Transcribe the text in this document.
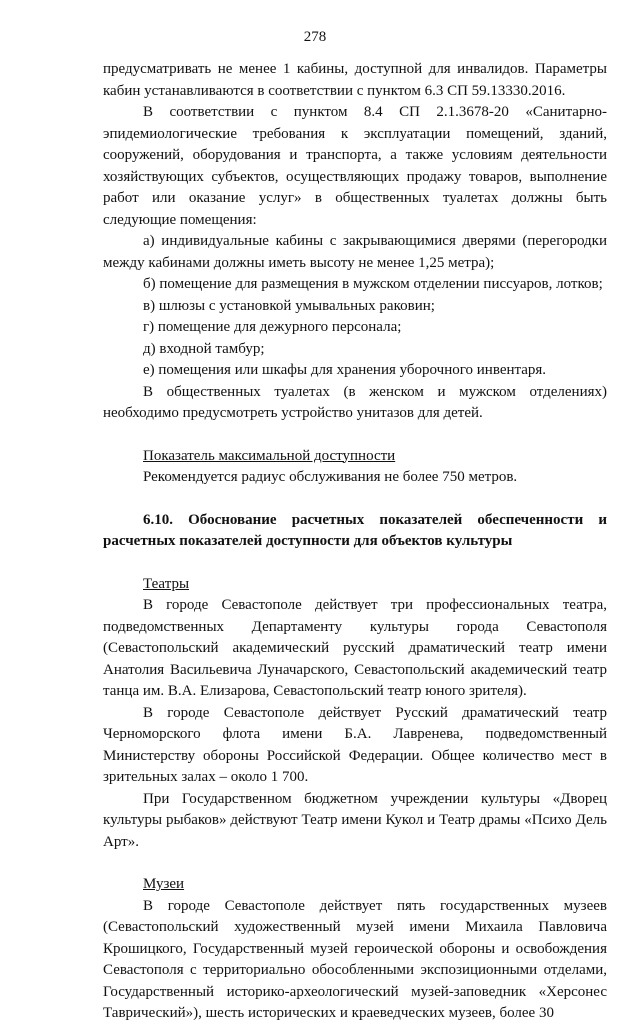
278

предусматривать не менее 1 кабины, доступной для инвалидов. Параметры кабин устанавливаются в соответствии с пунктом 6.3 СП 59.13330.2016.

В соответствии с пунктом 8.4 СП 2.1.3678-20 «Санитарно-эпидемиологические требования к эксплуатации помещений, зданий, сооружений, оборудования и транспорта, а также условиям деятельности хозяйствующих субъектов, осуществляющих продажу товаров, выполнение работ или оказание услуг» в общественных туалетах должны быть следующие помещения:

а) индивидуальные кабины с закрывающимися дверями (перегородки между кабинами должны иметь высоту не менее 1,25 метра);

б) помещение для размещения в мужском отделении писсуаров, лотков;

в) шлюзы с установкой умывальных раковин;

г) помещение для дежурного персонала;

д) входной тамбур;

е) помещения или шкафы для хранения уборочного инвентаря.

В общественных туалетах (в женском и мужском отделениях) необходимо предусмотреть устройство унитазов для детей.

Показатель максимальной доступности

Рекомендуется радиус обслуживания не более 750 метров.

6.10. Обоснование расчетных показателей обеспеченности и расчетных показателей доступности для объектов культуры

Театры

В городе Севастополе действует три профессиональных театра, подведомственных Департаменту культуры города Севастополя (Севастопольский академический русский драматический театр имени Анатолия Васильевича Луначарского, Севастопольский академический театр танца им. В.А. Елизарова, Севастопольский театр юного зрителя).

В городе Севастополе действует Русский драматический театр Черноморского флота имени Б.А. Лавренева, подведомственный Министерству обороны Российской Федерации. Общее количество мест в зрительных залах – около 1 700.

При Государственном бюджетном учреждении культуры «Дворец культуры рыбаков» действуют Театр имени Кукол и Театр драмы «Психо Дель Арт».

Музеи

В городе Севастополе действует пять государственных музеев (Севастопольский художественный музей имени Михаила Павловича Крошицкого, Государственный музей героической обороны и освобождения Севастополя с территориально обособленными экспозиционными отделами, Государственный историко-археологический музей-заповедник «Херсонес Таврический»), шесть исторических и краеведческих музеев, более 30
